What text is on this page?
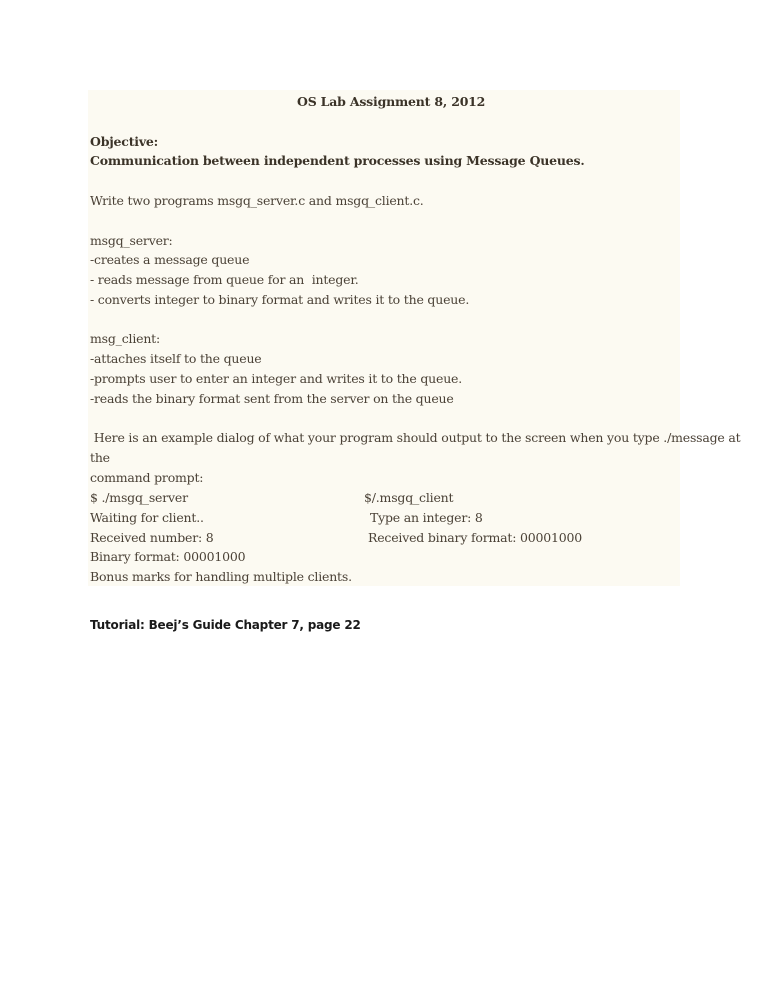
OS Lab Assignment 8, 2012
Objective:
Communication between independent processes using Message Queues.
Write two programs msgq_server.c and msgq_client.c.
msgq_server:
-creates a message queue
- reads message from queue for an  integer.
- converts integer to binary format and writes it to the queue.
msg_client:
-attaches itself to the queue
-prompts user to enter an integer and writes it to the queue.
-reads the binary format sent from the server on the queue
Here is an example dialog of what your program should output to the screen when you type ./message at
the
command prompt:
$ ./msgq_server
Waiting for client..
Received number: 8
Binary format: 00001000
$/.msgq_client
Type an integer: 8
Received binary format: 00001000
Bonus marks for handling multiple clients.
Tutorial: Beej’s Guide Chapter 7, page 22
